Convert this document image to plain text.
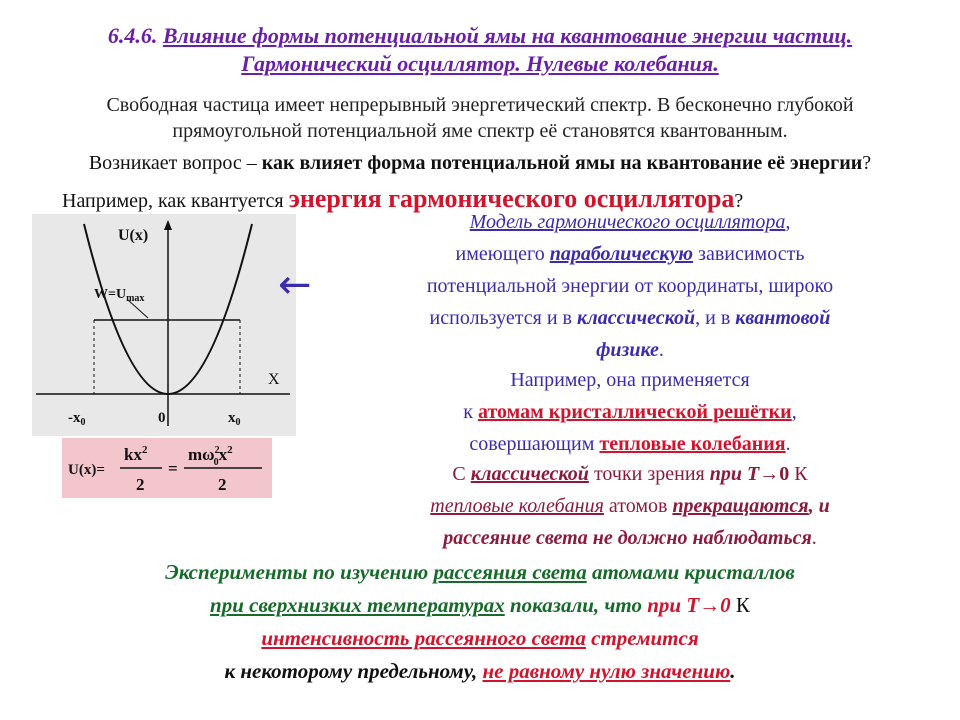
6.4.6. Влияние формы потенциальной ямы на квантование энергии частиц.
Гармонический осциллятор. Нулевые колебания.
Свободная частица имеет непрерывный энергетический спектр. В бесконечно глубокой
прямоугольной потенциальной яме спектр её становятся квантованным.
Возникает вопрос – как влияет форма потенциальной ямы на квантование её энергии?
Например, как квантуется энергия гармонического осциллятора?
U(x)
X
$W=U_{max}$
$-x_0$	0	$x_0$
U(x)=
$kx^2$
2
=
$m\omega^2$ $0x^2$
2
←
Модель гармонического осциллятора,
имеющего параболическую зависимость
потенциальной энергии от координаты, широко
используется и в классической, и в квантовой
физике.
Например, она применяется
к атомам кристаллической решётки,
совершающим тепловые колебания.
С классической точки зрения при Т→0 К
тепловые колебания атомов прекращаются, и
рассеяние света не должно наблюдаться.
Эксперименты по изучению рассеяния света атомами кристаллов
при сверхнизких температурах показали, что при Т→0 К
интенсивность рассеянного света стремится
к некоторому предельному, не равному нулю значению.
